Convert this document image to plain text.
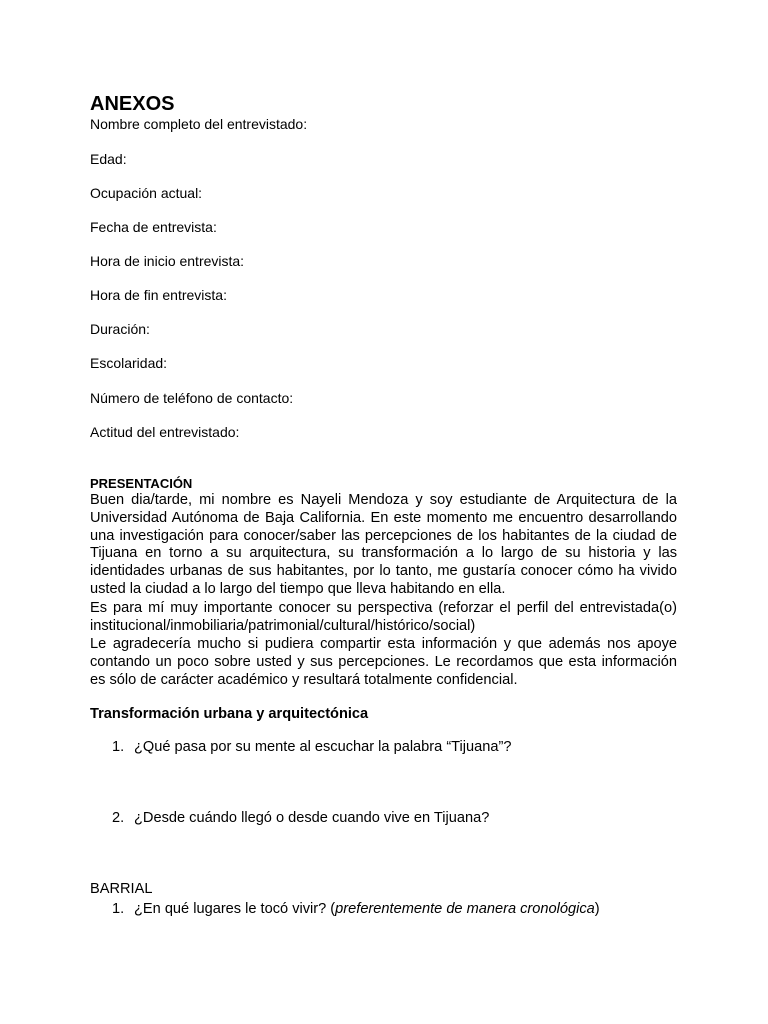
ANEXOS

Nombre completo del entrevistado:

Edad:

Ocupación actual:

Fecha de entrevista:

Hora de inicio entrevista:

Hora de fin entrevista:

Duración:

Escolaridad:

Número de teléfono de contacto:

Actitud del entrevistado:

PRESENTACIÓN

Buen dia/tarde, mi nombre es Nayeli Mendoza y soy estudiante de Arquitectura de la Universidad Autónoma de Baja California. En este momento me encuentro desarrollando una investigación para conocer/saber las percepciones de los habitantes de la ciudad de Tijuana en torno a su arquitectura, su transformación a lo largo de su historia y las identidades urbanas de sus habitantes, por lo tanto, me gustaría conocer cómo ha vivido usted la ciudad a lo largo del tiempo que lleva habitando en ella.

Es para mí muy importante conocer su perspectiva (reforzar el perfil del entrevistada(o) institucional/inmobiliaria/patrimonial/cultural/histórico/social)

Le agradecería mucho si pudiera compartir esta información y que además nos apoye contando un poco sobre usted y sus percepciones. Le recordamos que esta información es sólo de carácter académico y resultará totalmente confidencial.

Transformación urbana y arquitectónica

1. ¿Qué pasa por su mente al escuchar la palabra “Tijuana”?
2. ¿Desde cuándo llegó o desde cuando vive en Tijuana?

BARRIAL

1. ¿En qué lugares le tocó vivir? (preferentemente de manera cronológica)
